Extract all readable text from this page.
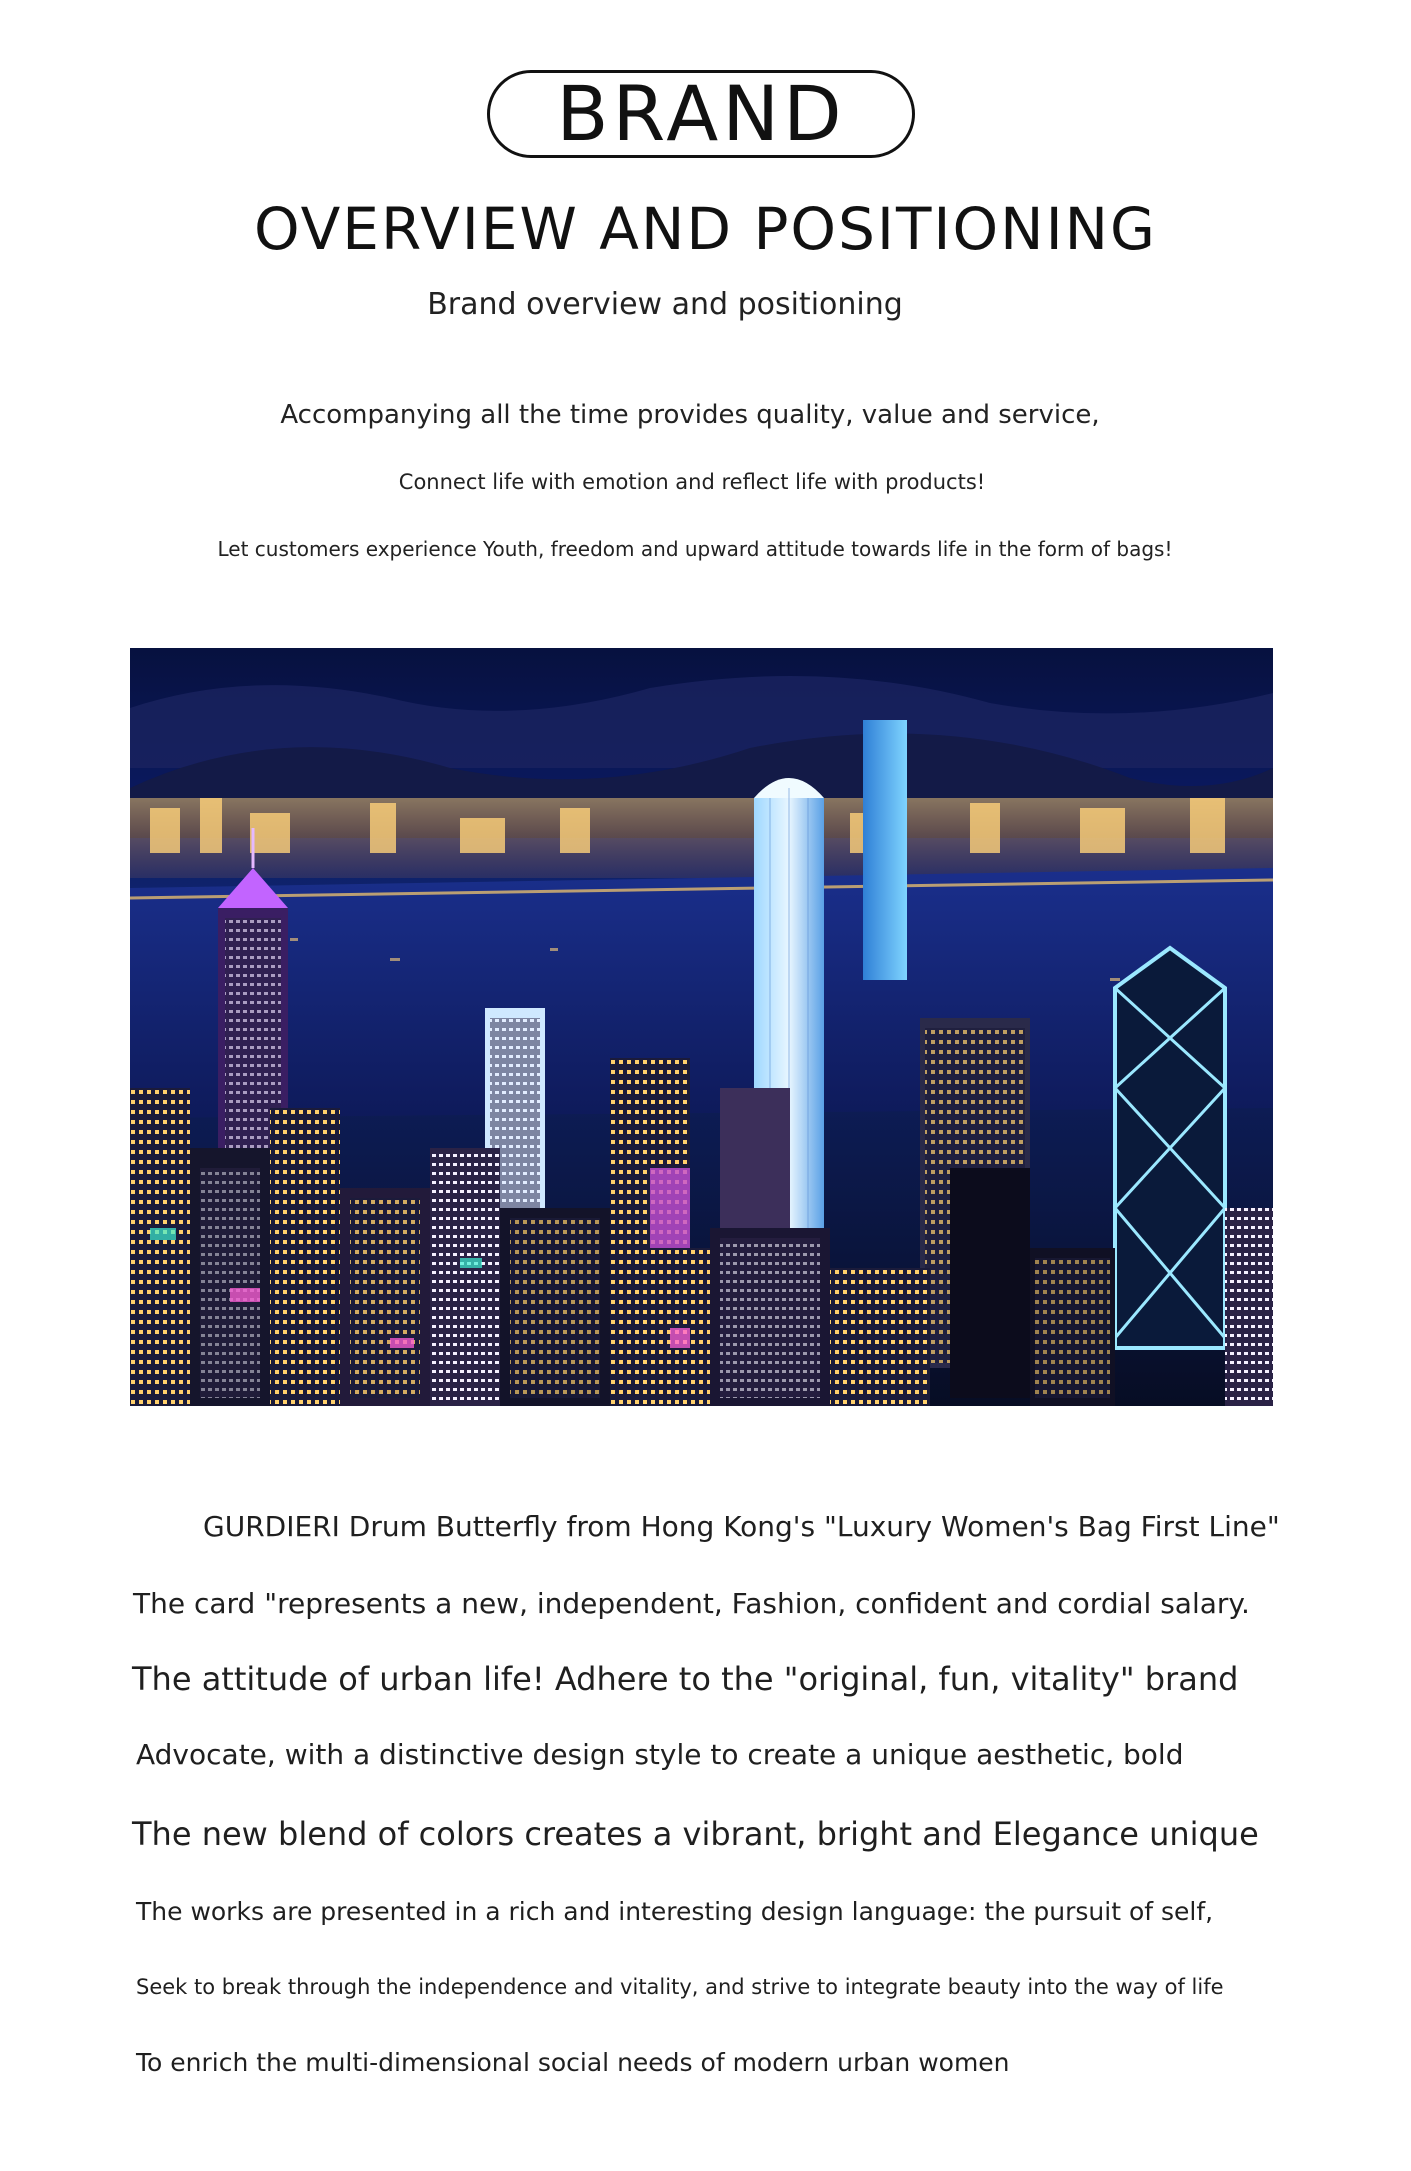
BRAND
OVERVIEW AND POSITIONING
Brand overview and positioning
Accompanying all the time provides quality, value and service,
Connect life with emotion and reflect life with products!
Let customers experience Youth, freedom and upward attitude towards life in the form of bags!
GURDIERI Drum Butterfly from Hong Kong's "Luxury Women's Bag First Line"
The card "represents a new, independent, Fashion, confident and cordial salary.
The attitude of urban life! Adhere to the "original, fun, vitality" brand
Advocate, with a distinctive design style to create a unique aesthetic, bold
The new blend of colors creates a vibrant, bright and Elegance unique
The works are presented in a rich and interesting design language: the pursuit of self,
Seek to break through the independence and vitality, and strive to integrate beauty into the way of life
To enrich the multi-dimensional social needs of modern urban women
